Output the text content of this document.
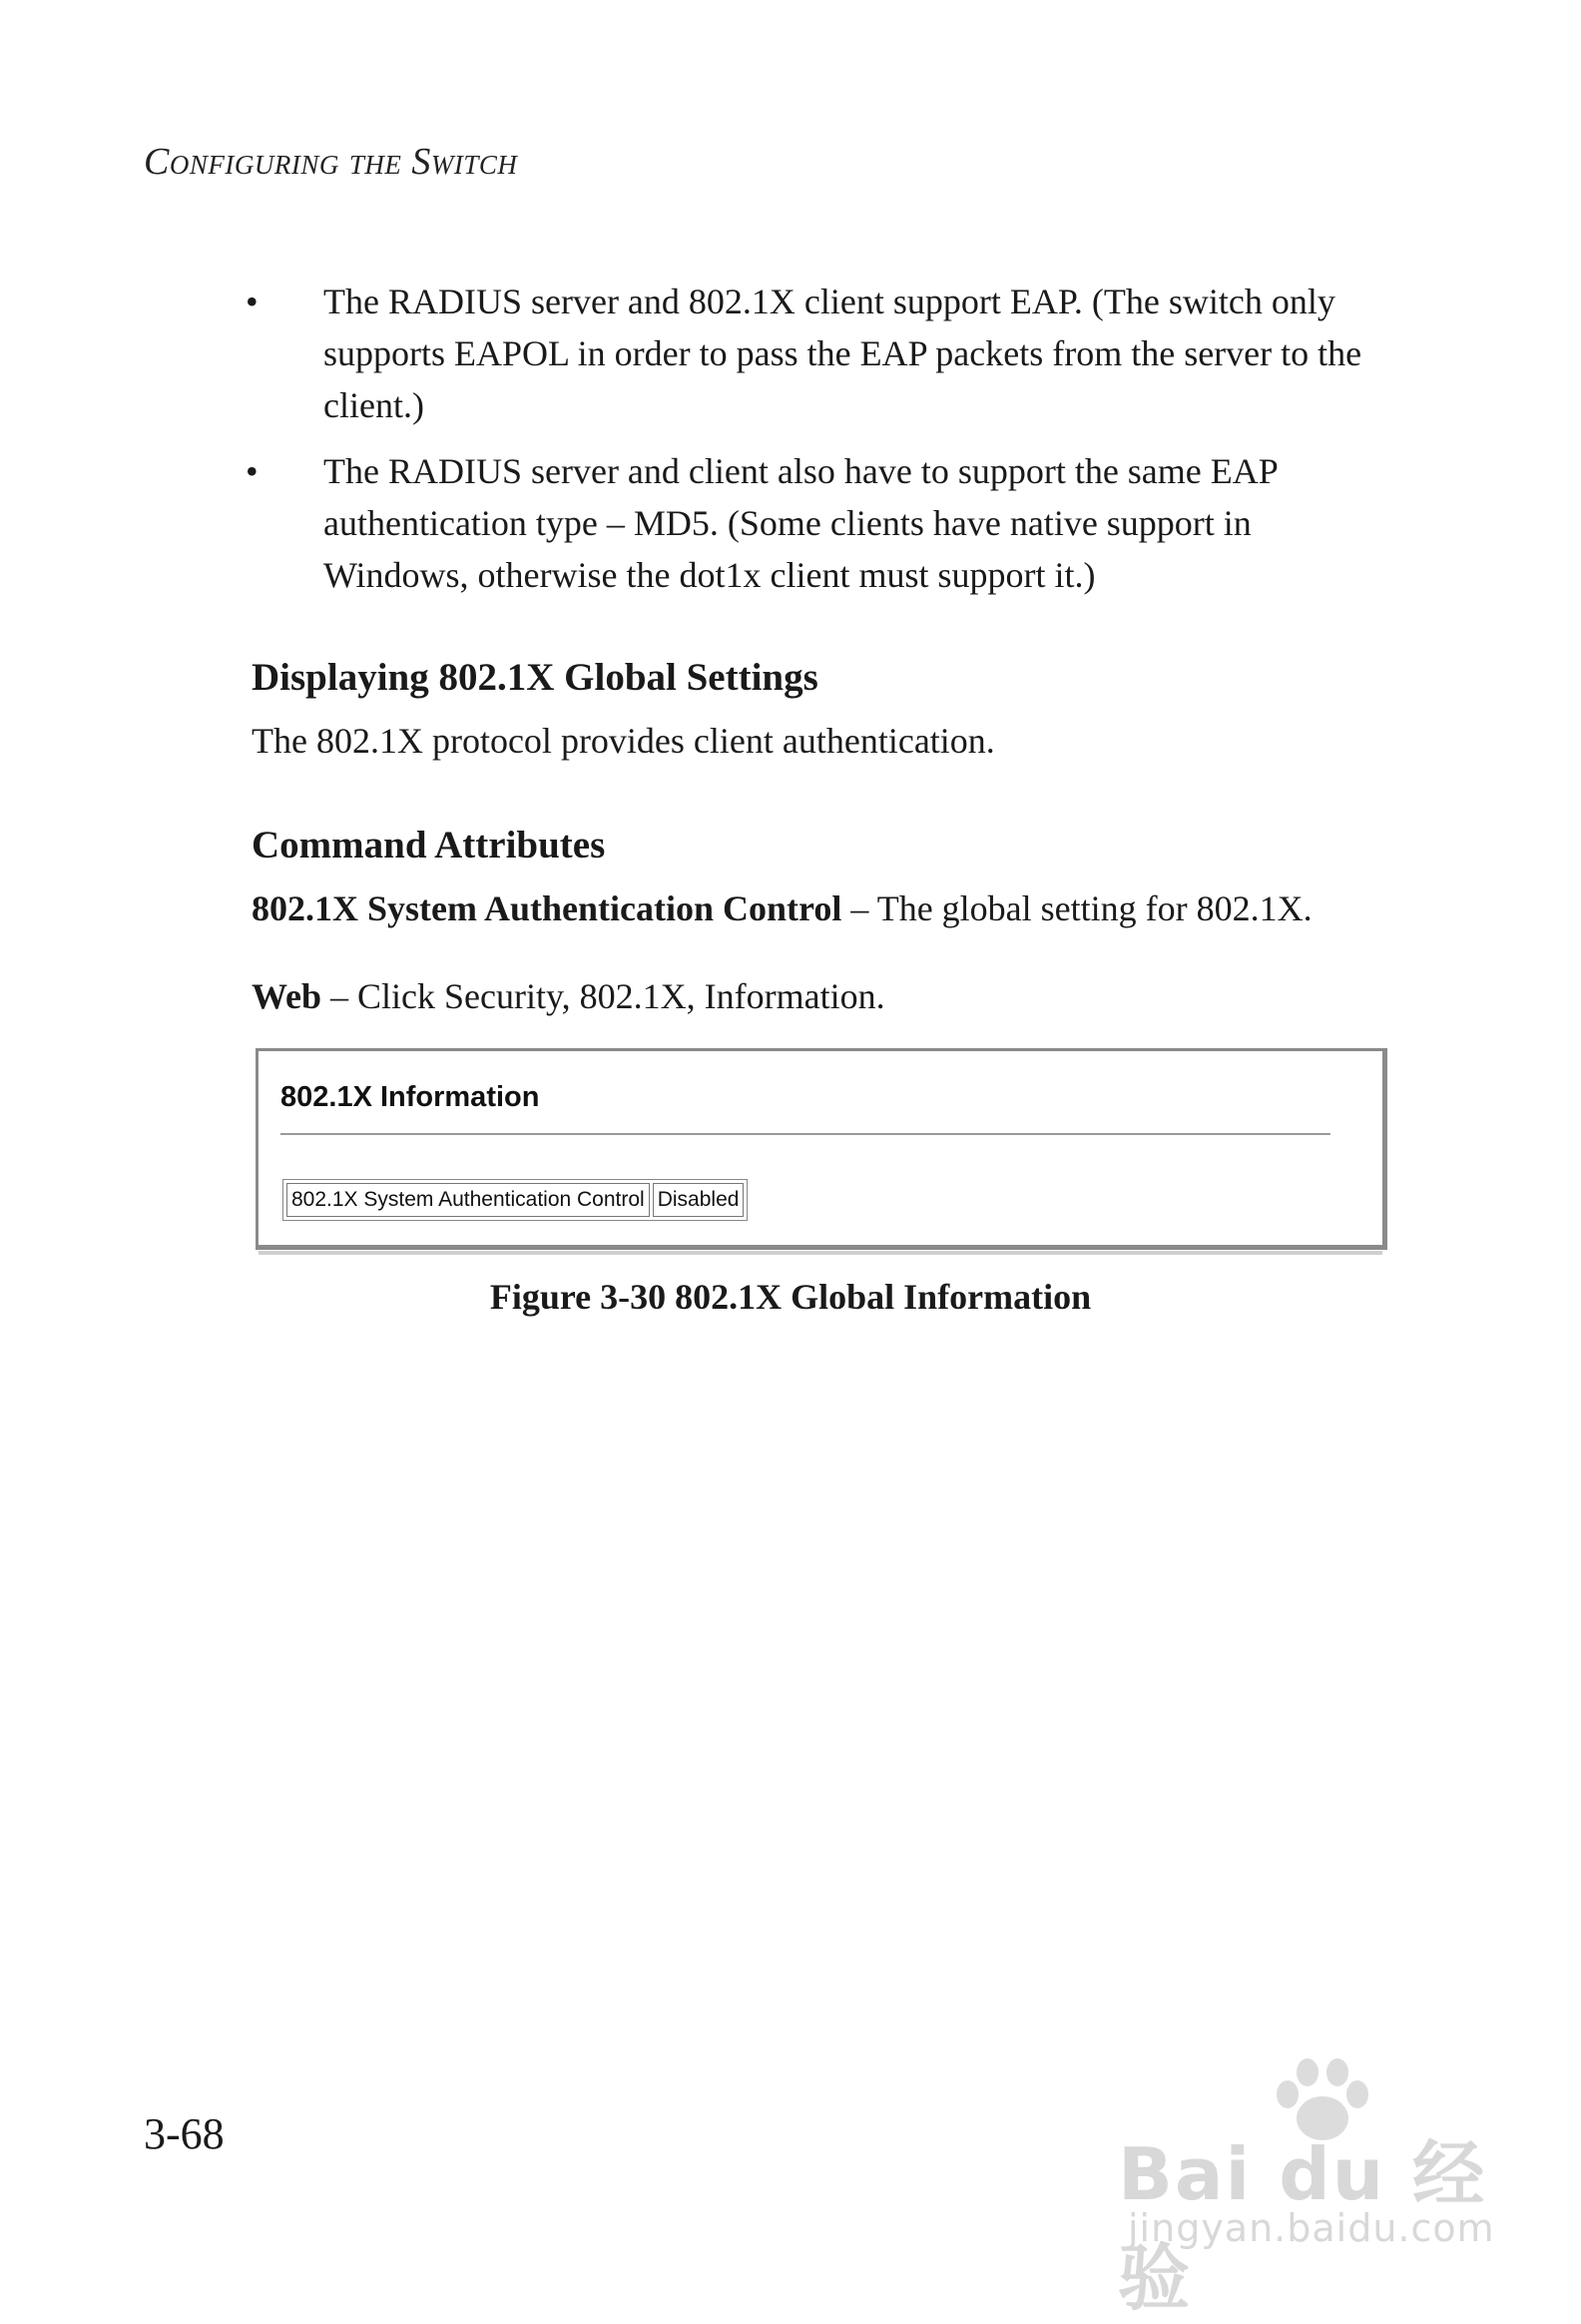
Configuring the Switch
•	The RADIUS server and 802.1X client support EAP. (The switch only supports EAPOL in order to pass the EAP packets from the server to the client.)
•	The RADIUS server and client also have to support the same EAP authentication type – MD5. (Some clients have native support in Windows, otherwise the dot1x client must support it.)
Displaying 802.1X Global Settings
The 802.1X protocol provides client authentication.
Command Attributes
802.1X System Authentication Control – The global setting for 802.1X.
Web – Click Security, 802.1X, Information.
802.1X Information
802.1X System Authentication Control	Disabled
Figure 3-30 802.1X Global Information
3-68	Bai du 经验
jingyan.baidu.com
